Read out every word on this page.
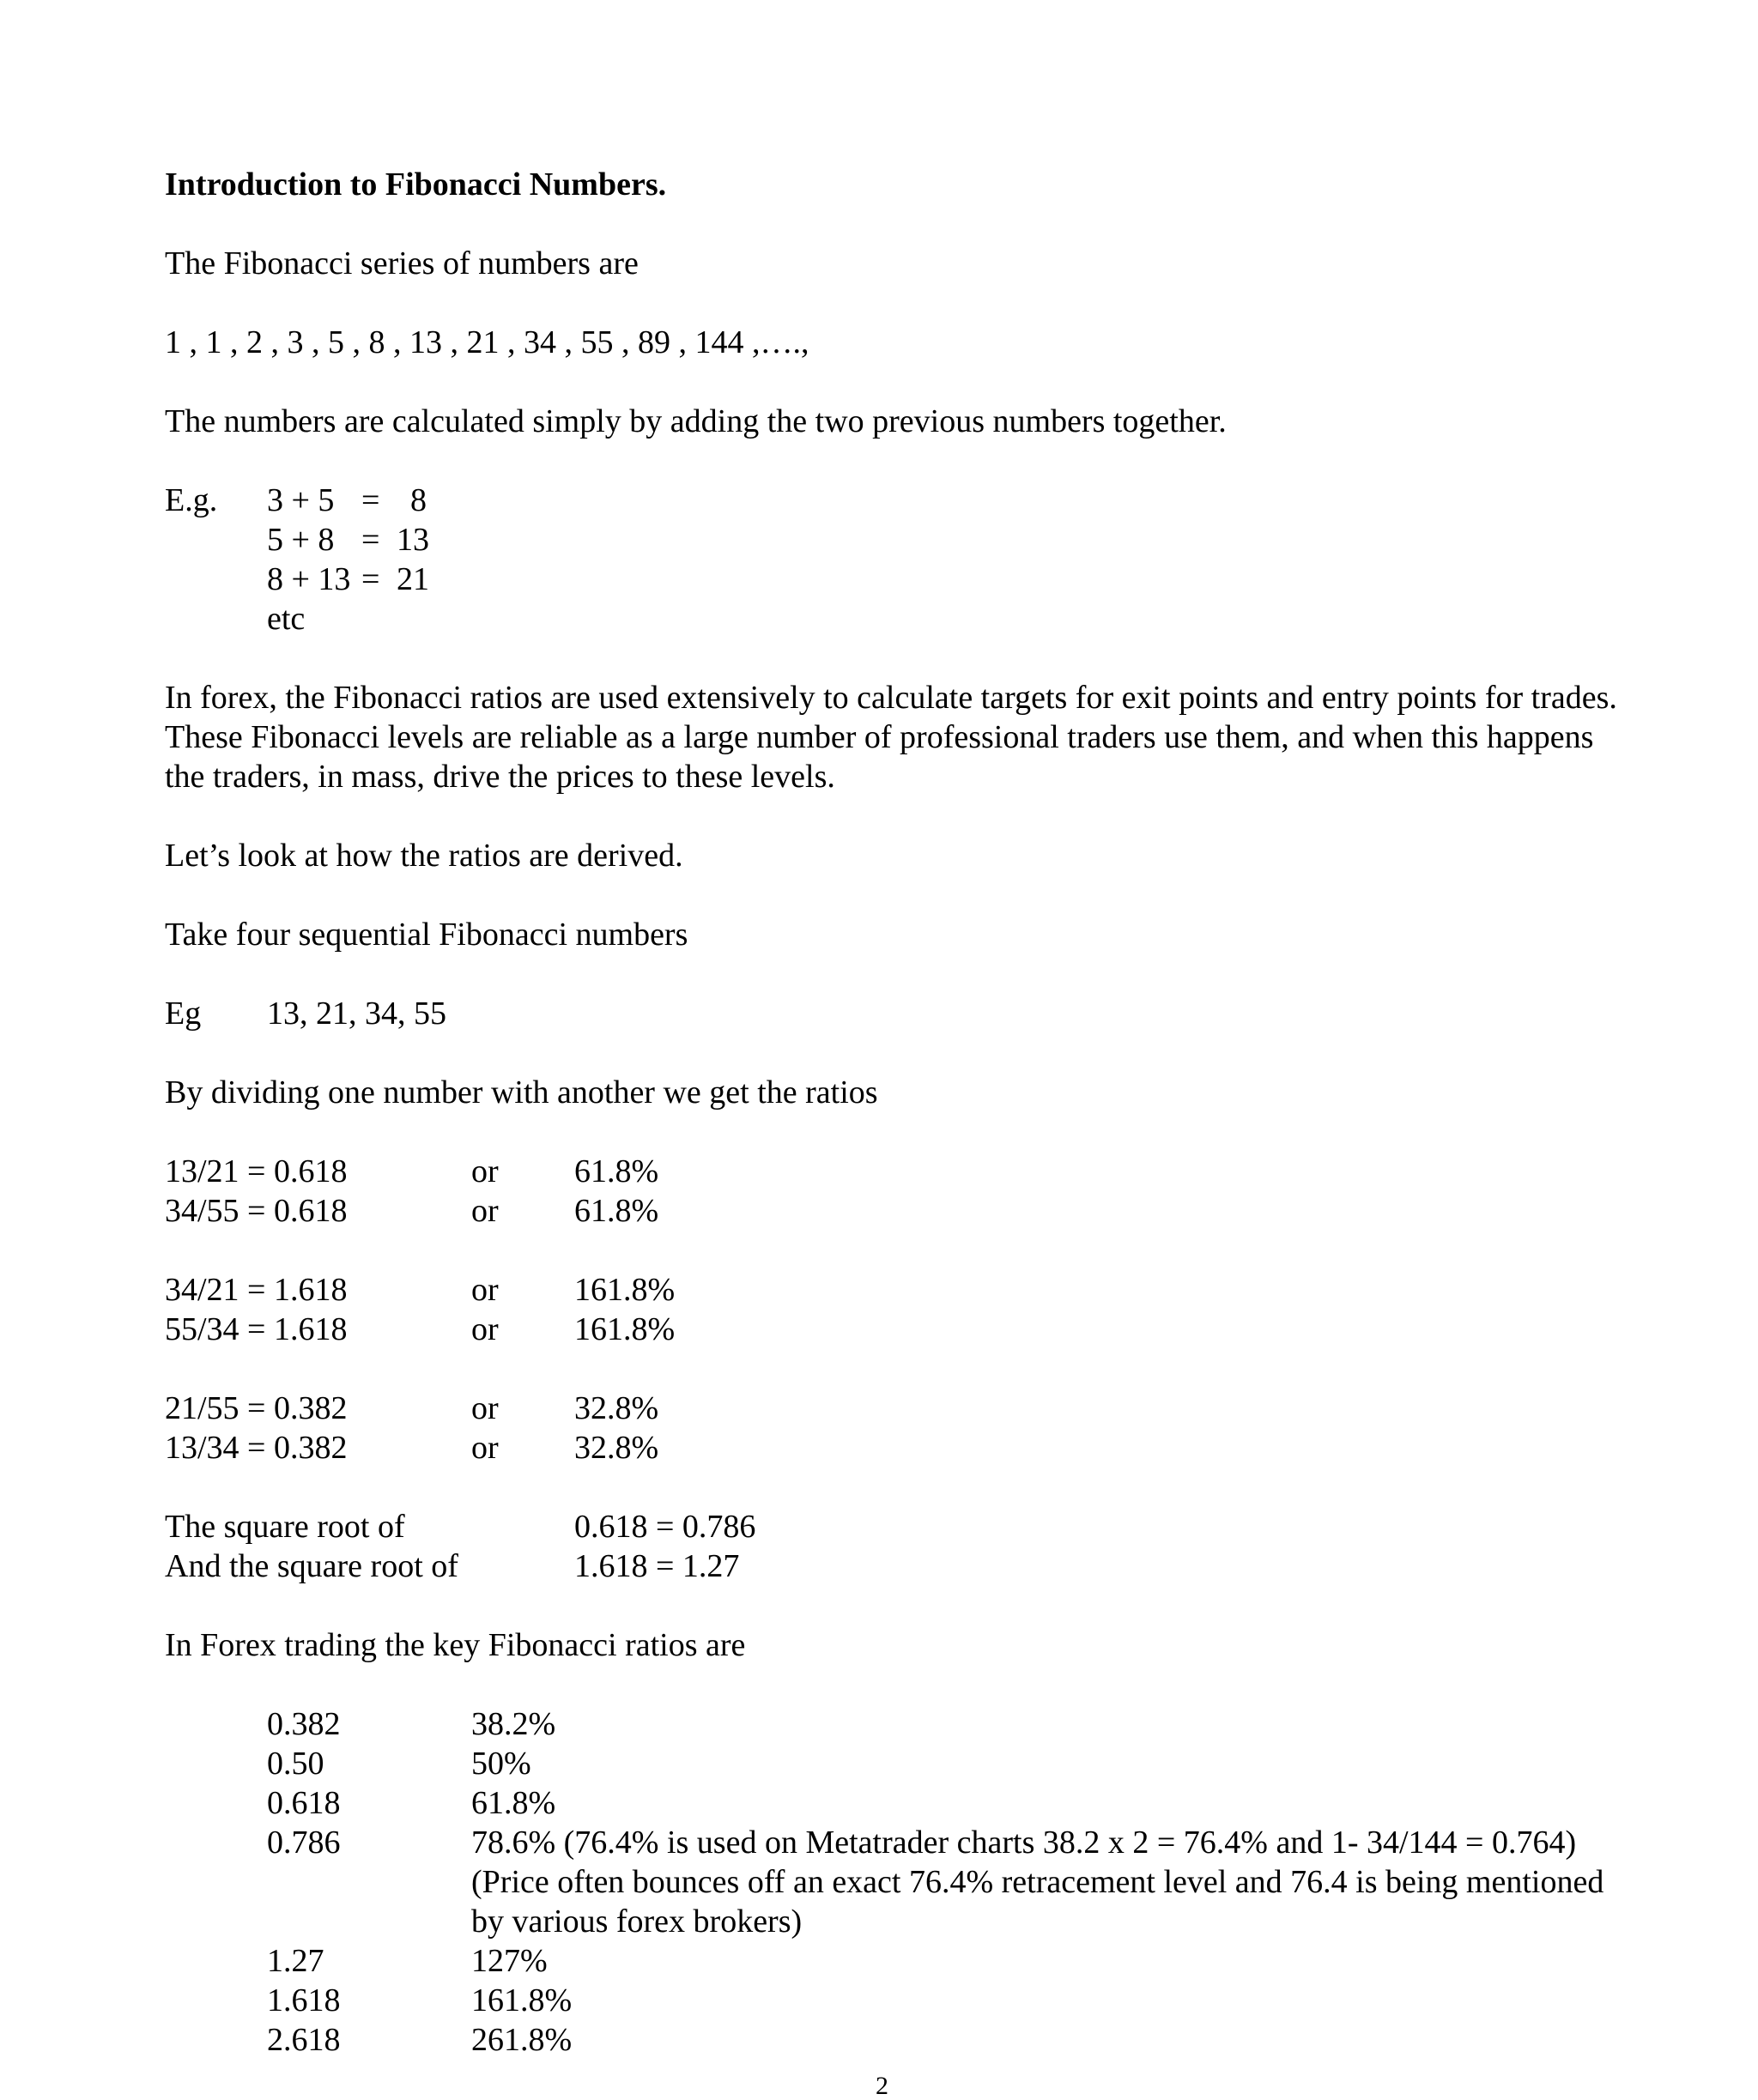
Introduction to Fibonacci Numbers.
The Fibonacci series of numbers are
1 , 1 , 2 , 3 , 5 , 8 , 13 , 21 , 34 , 55 , 89 , 144 ,….,
The numbers are calculated simply by adding the two previous numbers together.
E.g. 3 + 5 = 8
5 + 8 = 13
8 + 13 = 21
etc
In forex, the Fibonacci ratios are used extensively to calculate targets for exit points and entry points for trades. These Fibonacci levels are reliable as a large number of professional traders use them, and when this happens the traders, in mass, drive the prices to these levels.
Let’s look at how the ratios are derived.
Take four sequential Fibonacci numbers
Eg 13, 21, 34, 55
By dividing one number with another we get the ratios
13/21 = 0.618	or 61.8%
34/55 = 0.618	or 61.8%
34/21 = 1.618	or 161.8%
55/34 = 1.618	or 161.8%
21/55 = 0.382	or 32.8%
13/34 = 0.382	or 32.8%
The square root of	0.618 = 0.786
And the square root of	1.618 = 1.27
In Forex trading the key Fibonacci ratios are
0.382	38.2%
0.50	50%
0.618	61.8%
0.786	78.6% (76.4% is used on Metatrader charts 38.2 x 2 = 76.4% and 1- 34/144 = 0.764) (Price often bounces off an exact 76.4% retracement level and 76.4 is being mentioned by various forex brokers)
1.27	127%
1.618	161.8%
2.618	261.8%
2
